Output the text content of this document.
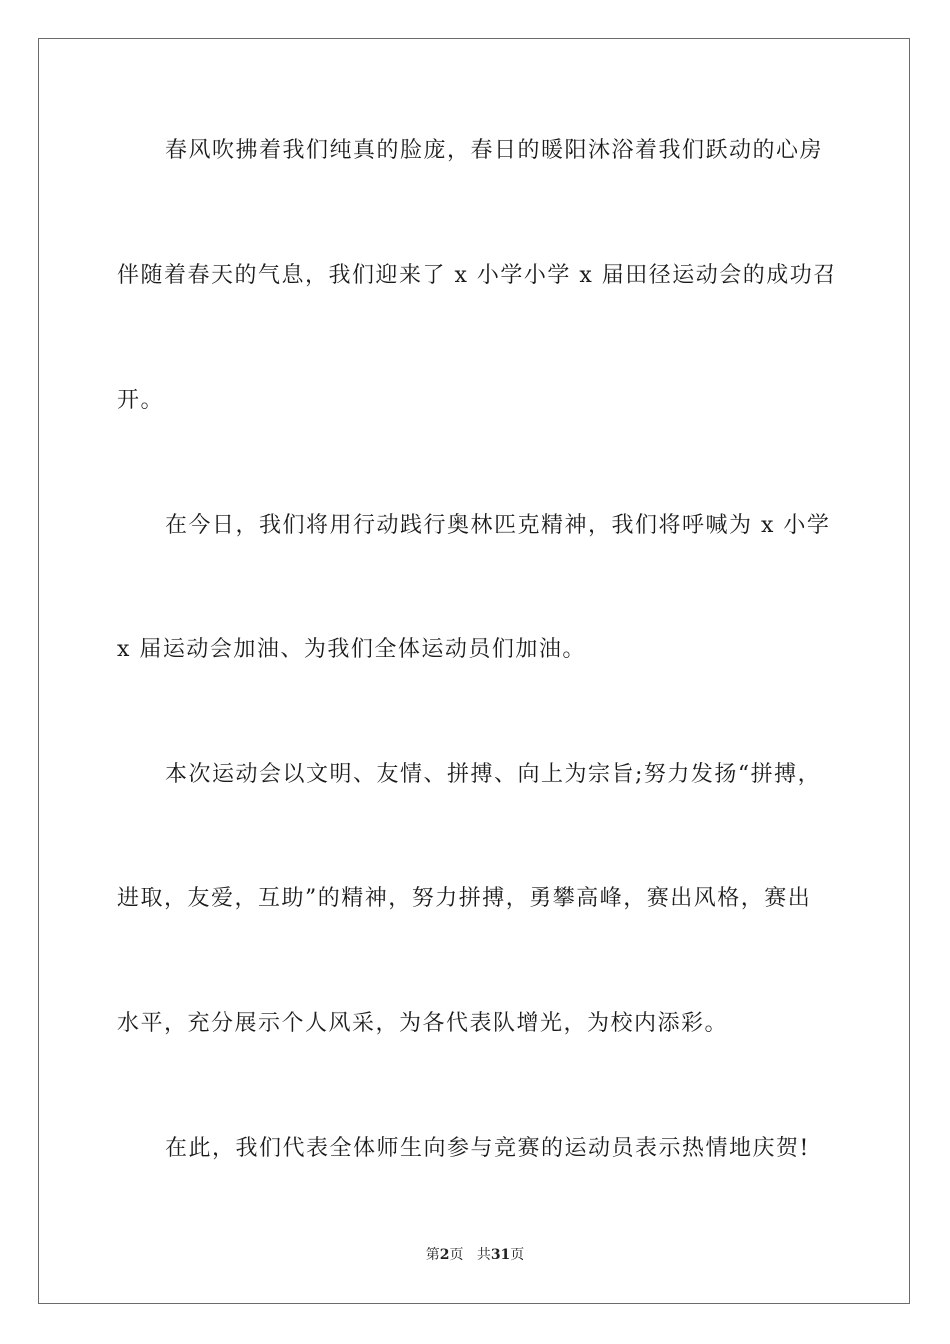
春风吹拂着我们纯真的脸庞，春日的暖阳沐浴着我们跃动的心房
伴随着春天的气息，我们迎来了 x 小学小学 x 届田径运动会的成功召
开。
在今日，我们将用行动践行奥林匹克精神，我们将呼喊为 x 小学
x 届运动会加油、为我们全体运动员们加油。
本次运动会以文明、友情、拼搏、向上为宗旨;努力发扬“拼搏，
进取，友爱，互助”的精神，努力拼搏，勇攀高峰，赛出风格，赛出
水平，充分展示个人风采，为各代表队增光，为校内添彩。
在此，我们代表全体师生向参与竞赛的运动员表示热情地庆贺!
第2页 共31页
